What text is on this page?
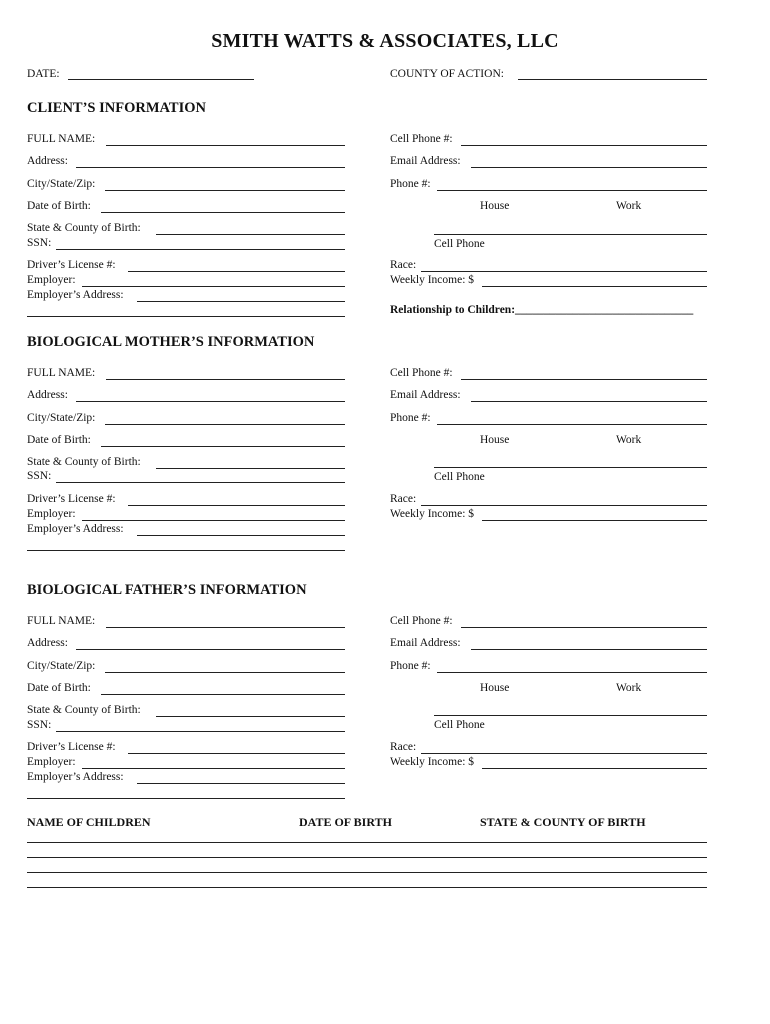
SMITH WATTS & ASSOCIATES, LLC
DATE:	COUNTY OF ACTION:
CLIENT’S INFORMATION
FULL NAME:
Address:
City/State/Zip:
Date of Birth:
State & County of Birth:
SSN:
Driver’s License #:
Employer:
Employer’s Address:
Cell Phone #:
Email Address:
Phone #:
House	Work
Cell Phone
Race:
Weekly Income: $
Relationship to Children:_______________________________
BIOLOGICAL MOTHER’S INFORMATION
FULL NAME:
Address:
City/State/Zip:
Date of Birth:
State & County of Birth:
SSN:
Driver’s License #:
Employer:
Employer’s Address:
Cell Phone #:
Email Address:
Phone #:
House	Work
Cell Phone
Race:
Weekly Income: $
BIOLOGICAL FATHER’S INFORMATION
FULL NAME:
Address:
City/State/Zip:
Date of Birth:
State & County of Birth:
SSN:
Driver’s License #:
Employer:
Employer’s Address:
Cell Phone #:
Email Address:
Phone #:
House	Work
Cell Phone
Race:
Weekly Income: $
NAME OF CHILDREN	DATE OF BIRTH	STATE & COUNTY OF BIRTH
